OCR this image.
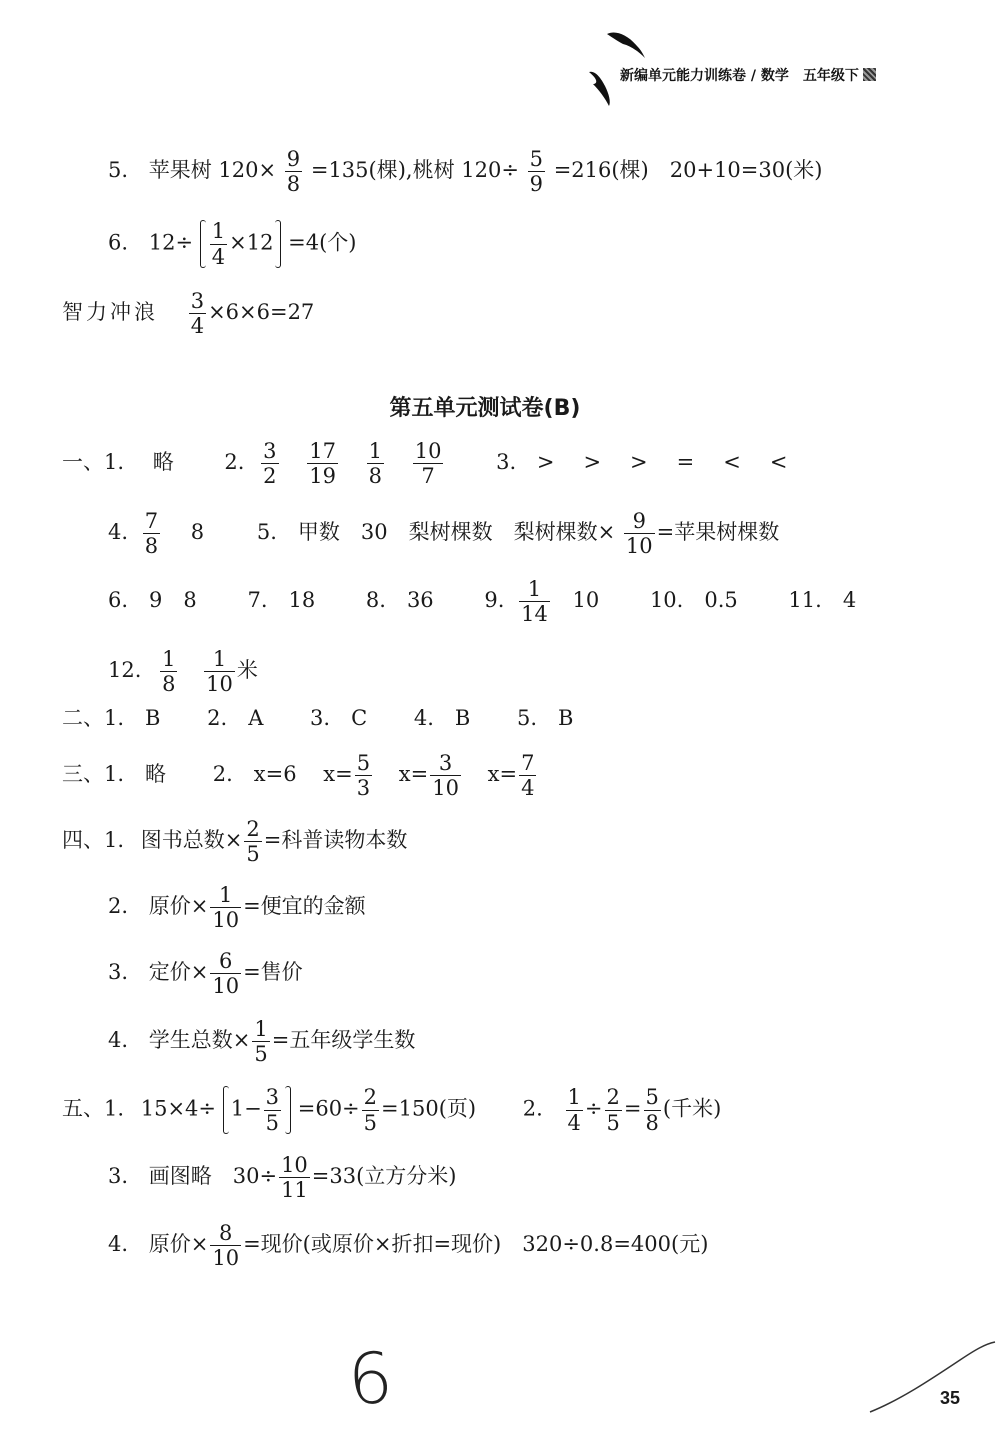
新编单元能力训练卷 / 数学　五年级下
5. 苹果树 $120\times \frac{9}{8} =135$(棵),桃树 $120\div \frac{5}{9} =216$(棵)　20+10=30(米)
6. $12\div \frac{1}{4} \times 12 =4$(个)
智力冲浪 $\frac{3}{4} \times 6\times 6=27$
第五单元测试卷(B)
一、1. 略 2. $\frac{3}{2}$
$\frac{17}{19}$
$\frac{1}{8}$
$\frac{10}{7}$	3. >　>　>　=　<　<
4. $\frac{7}{8} 8$	5.　甲数　30　梨树棵数　梨树棵数× $\frac{9}{10}$ =苹果树棵数
6.　9　8 7.　18 8.　36 9. $\frac{1}{14} 10$ 10.　0.5 11.　4
12. $\frac{1}{8}$
$\frac{1}{10}$ 米
二、1.　B 2.　A 3.　C 4.　B 5.　B
三、1.　略 2.　x=6 $x= \frac{5}{3} x= \frac{3}{10} x= \frac{7}{4}$
四、1. 图书总数× $\frac{2}{5}$ =科普读物本数
2. 原价× $\frac{1}{10}$ =便宜的金额
3. 定价× $\frac{6}{10}$ =售价
4. 学生总数× $\frac{1}{5}$ =五年级学生数
五、1. $15\times 4\div 1- \frac{3}{5} =60\div \frac{2}{5} =150$(页) 2. $\frac{1}{4} \div \frac{2}{5} = \frac{5}{8}$ (千米)
3. 画图略　$30\div \frac{10}{11} =33$(立方分米)
4. 原价× $\frac{8}{10}$ =现价(或原价×折扣=现价)　320÷0.8=400(元)
6	35
